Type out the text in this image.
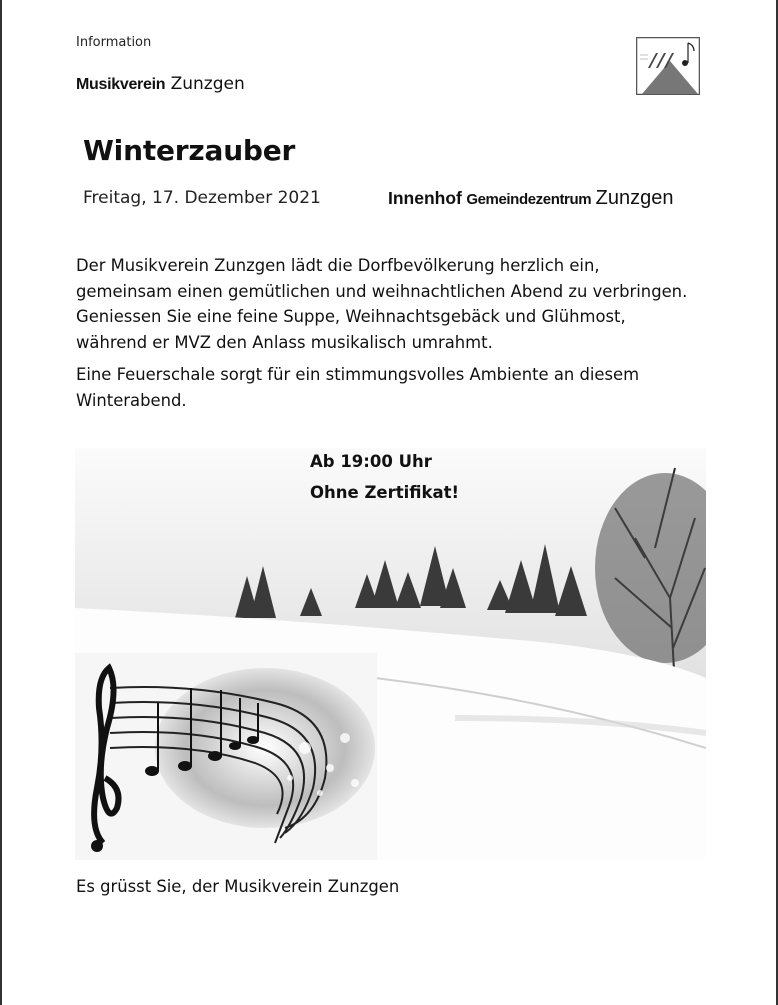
Information
Musikverein Zunzgen
Winterzauber
Freitag, 17. Dezember 2021	Innenhof Gemeindezentrum Zunzgen

Der Musikverein Zunzgen lädt die Dorfbevölkerung herzlich ein, gemeinsam einen gemütlichen und weihnachtlichen Abend zu verbringen. Geniessen Sie eine feine Suppe, Weihnachtsgebäck und Glühmost, während er MVZ den Anlass musikalisch umrahmt.

Eine Feuerschale sorgt für ein stimmungsvolles Ambiente an diesem Winterabend.

Ab 19:00 Uhr
Ohne Zertifikat!
Es grüsst Sie, der Musikverein Zunzgen
